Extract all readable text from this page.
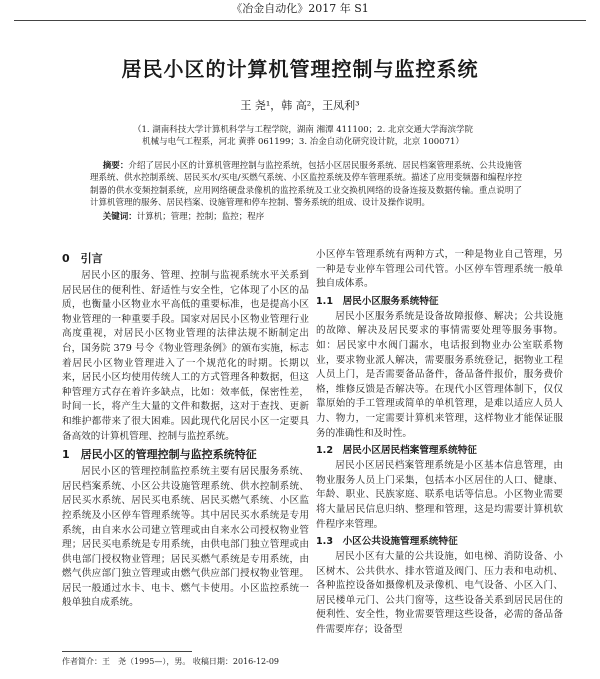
《冶金自动化》2017 年 S1
居民小区的计算机管理控制与监控系统
王 尧¹，韩 高²，王凤利³
（1. 湖南科技大学计算机科学与工程学院，湖南 湘潭 411100；2. 北京交通大学海滨学院
机械与电气工程系，河北 黄骅 061199；3. 冶金自动化研究设计院，北京 100071）

摘要：介绍了居民小区的计算机管理控制与监控系统，包括小区居民服务系统、居民档案管理系统、公共设施管理系统、供水控制系统、居民买水/买电/买燃气系统、小区监控系统及停车管理系统。描述了应用变频器和编程序控制器的供水变频控制系统，应用网络硬盘录像机的监控系统及工业交换机网络的设备连接及数据传输。重点说明了计算机管理的服务、居民档案、设施管理和停车控制、警务系统的组成、设计及操作说明。

关键词：计算机；管理；控制；监控；程序

0　引言

居民小区的服务、管理、控制与监视系统水平关系到居民居住的便利性、舒适性与安全性，它体现了小区的品质，也衡量小区物业水平高低的重要标准，也是提高小区物业管理的一种重要手段。国家对居民小区物业管理行业高度重视，对居民小区物业管理的法律法规不断制定出台，国务院 379 号令《物业管理条例》的颁布实施，标志着居民小区物业管理进入了一个规范化的时期。长期以来，居民小区均使用传统人工的方式管理各种数据，但这种管理方式存在着许多缺点，比如：效率低，保密性差，时间一长，将产生大量的文件和数据，这对于查找、更新和维护都带来了很大困难。因此现代化居民小区一定要具备高效的计算机管理、控制与监控系统。

1　居民小区的管理控制与监控系统特征

居民小区的管理控制监控系统主要有居民服务系统、居民档案系统、小区公共设施管理系统、供水控制系统、居民买水系统、居民买电系统、居民买燃气系统、小区监控系统及小区停车管理系统等。其中居民买水系统是专用系统，由自来水公司建立管理或由自来水公司授权物业管理；居民买电系统是专用系统，由供电部门独立管理或由供电部门授权物业管理；居民买燃气系统是专用系统，由燃气供应部门独立管理或由燃气供应部门授权物业管理。居民一般通过水卡、电卡、燃气卡使用。小区监控系统一般单独自成系统。

小区停车管理系统有两种方式，一种是物业自己管理，另一种是专业停车管理公司代管。小区停车管理系统一般单独自成体系。

1.1　居民小区服务系统特征

居民小区服务系统是设备故障报修、解决；公共设施的故障、解决及居民要求的事情需要处理等服务事物。如：居民家中水阀门漏水，电话报到物业办公室联系物业，要求物业派人解决，需要服务系统登记，据物业工程人员上门，是否需要备品备件，备品备件报价，服务费价格，维修反馈是否解决等。在现代小区管理体制下，仅仅靠原始的手工管理或简单的单机管理，是难以适应人员人力、物力，一定需要计算机来管理，这样物业才能保证服务的准确性和及时性。

1.2　居民小区居民档案管理系统特征

居民小区居民档案管理系统是小区基本信息管理，由物业服务人员上门采集，包括本小区居住的人口、健康、年龄、职业、民族家庭、联系电话等信息。小区物业需要将大量居民信息归纳、整理和管理，这是均需要计算机软件程序来管理。

1.3　小区公共设施管理系统特征

居民小区有大量的公共设施，如电梯、消防设备、小区树木、公共供水、排水管道及阀门、压力表和电动机、各种监控设备如摄像机及录像机、电气设备、小区入门、居民楼单元门、公共门窗等，这些设备关系到居民居住的便利性、安全性，物业需要管理这些设备，必需的备品备件需要库存；设备型

作者简介：王　尧（1995—），男。 收稿日期：2016-12-09
